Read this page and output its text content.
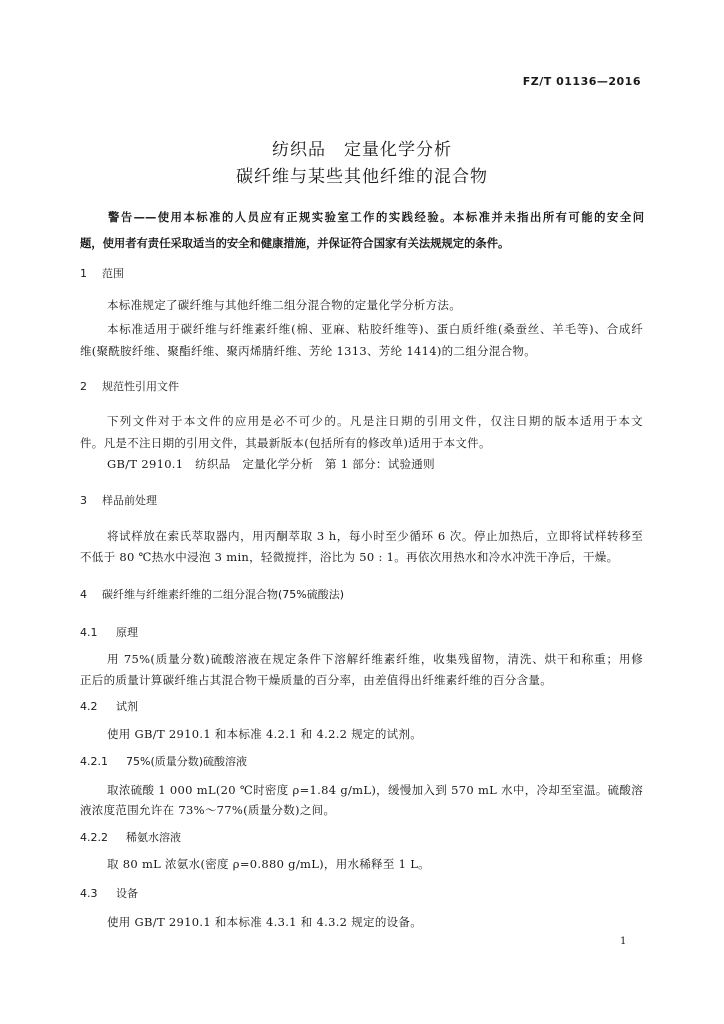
FZ/T 01136—2016
纺织品　定量化学分析
碳纤维与某些其他纤维的混合物
警告——使用本标准的人员应有正规实验室工作的实践经验。本标准并未指出所有可能的安全问
题，使用者有责任采取适当的安全和健康措施，并保证符合国家有关法规规定的条件。
1 范围
本标准规定了碳纤维与其他纤维二组分混合物的定量化学分析方法。
本标准适用于碳纤维与纤维素纤维(棉、亚麻、粘胶纤维等)、蛋白质纤维(桑蚕丝、羊毛等)、合成纤
维(聚酰胺纤维、聚酯纤维、聚丙烯腈纤维、芳纶 1313、芳纶 1414)的二组分混合物。
2 规范性引用文件
下列文件对于本文件的应用是必不可少的。凡是注日期的引用文件，仅注日期的版本适用于本文
件。凡是不注日期的引用文件，其最新版本(包括所有的修改单)适用于本文件。
GB/T 2910.1　纺织品　定量化学分析　第 1 部分：试验通则
3 样品前处理
将试样放在索氏萃取器内，用丙酮萃取 3 h，每小时至少循环 6 次。停止加热后，立即将试样转移至
不低于 80 ℃热水中浸泡 3 min，轻微搅拌，浴比为 50 : 1。再依次用热水和冷水冲洗干净后，干燥。
4 碳纤维与纤维素纤维的二组分混合物(75%硫酸法)
4.1 原理
用 75%(质量分数)硫酸溶液在规定条件下溶解纤维素纤维，收集残留物，清洗、烘干和称重；用修
正后的质量计算碳纤维占其混合物干燥质量的百分率，由差值得出纤维素纤维的百分含量。
4.2 试剂
使用 GB/T 2910.1 和本标准 4.2.1 和 4.2.2 规定的试剂。
4.2.1 75%(质量分数)硫酸溶液
取浓硫酸 1 000 mL(20 ℃时密度 ρ=1.84 g/mL)，缓慢加入到 570 mL 水中，冷却至室温。硫酸溶
液浓度范围允许在 73%～77%(质量分数)之间。
4.2.2 稀氨水溶液
取 80 mL 浓氨水(密度 ρ=0.880 g/mL)，用水稀释至 1 L。
4.3 设备
使用 GB/T 2910.1 和本标准 4.3.1 和 4.3.2 规定的设备。
1
